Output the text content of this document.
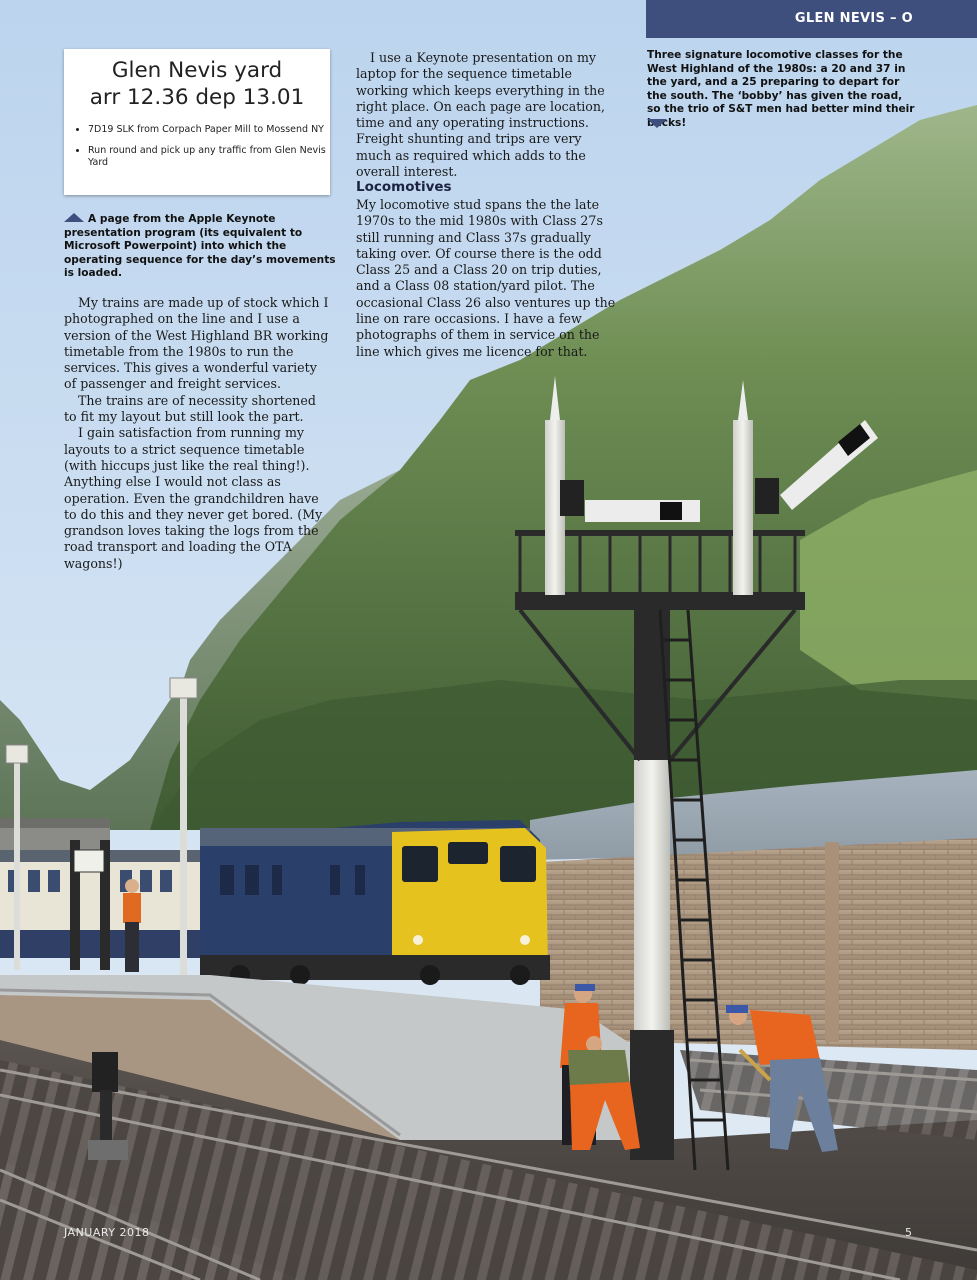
GLEN NEVIS – O
Three signature locomotive classes for the West Highland of the 1980s: a 20 and 37 in the yard, and a 25 preparing to depart for the south. The ‘bobby’ has given the road, so the trio of S&T men had better mind their backs!
Glen Nevis yard
arr 12.36 dep 13.01
• 7D19 SLK from Corpach Paper Mill to Mossend NY
• Run round and pick up any traffic from Glen Nevis Yard
A page from the Apple Keynote presentation program (its equivalent to Microsoft Powerpoint) into which the operating sequence for the day’s movements is loaded.

My trains are made up of stock which I photographed on the line and I use a version of the West Highland BR working timetable from the 1980s to run the services. This gives a wonderful variety of passenger and freight services.

The trains are of necessity shortened to fit my layout but still look the part.

I gain satisfaction from running my layouts to a strict sequence timetable (with hiccups just like the real thing!). Anything else I would not class as operation. Even the grandchildren have to do this and they never get bored. (My grandson loves taking the logs from the road transport and loading the OTA wagons!)

I use a Keynote presentation on my laptop for the sequence timetable working which keeps everything in the right place. On each page are location, time and any operating instructions. Freight shunting and trips are very much as required which adds to the overall interest.

Locomotives

My locomotive stud spans the the late 1970s to the mid 1980s with Class 27s still running and Class 37s gradually taking over. Of course there is the odd Class 25 and a Class 20 on trip duties, and a Class 08 station/yard pilot. The occasional Class 26 also ventures up the line on rare occasions. I have a few photographs of them in service on the line which gives me licence for that.

JANUARY 2018	5
